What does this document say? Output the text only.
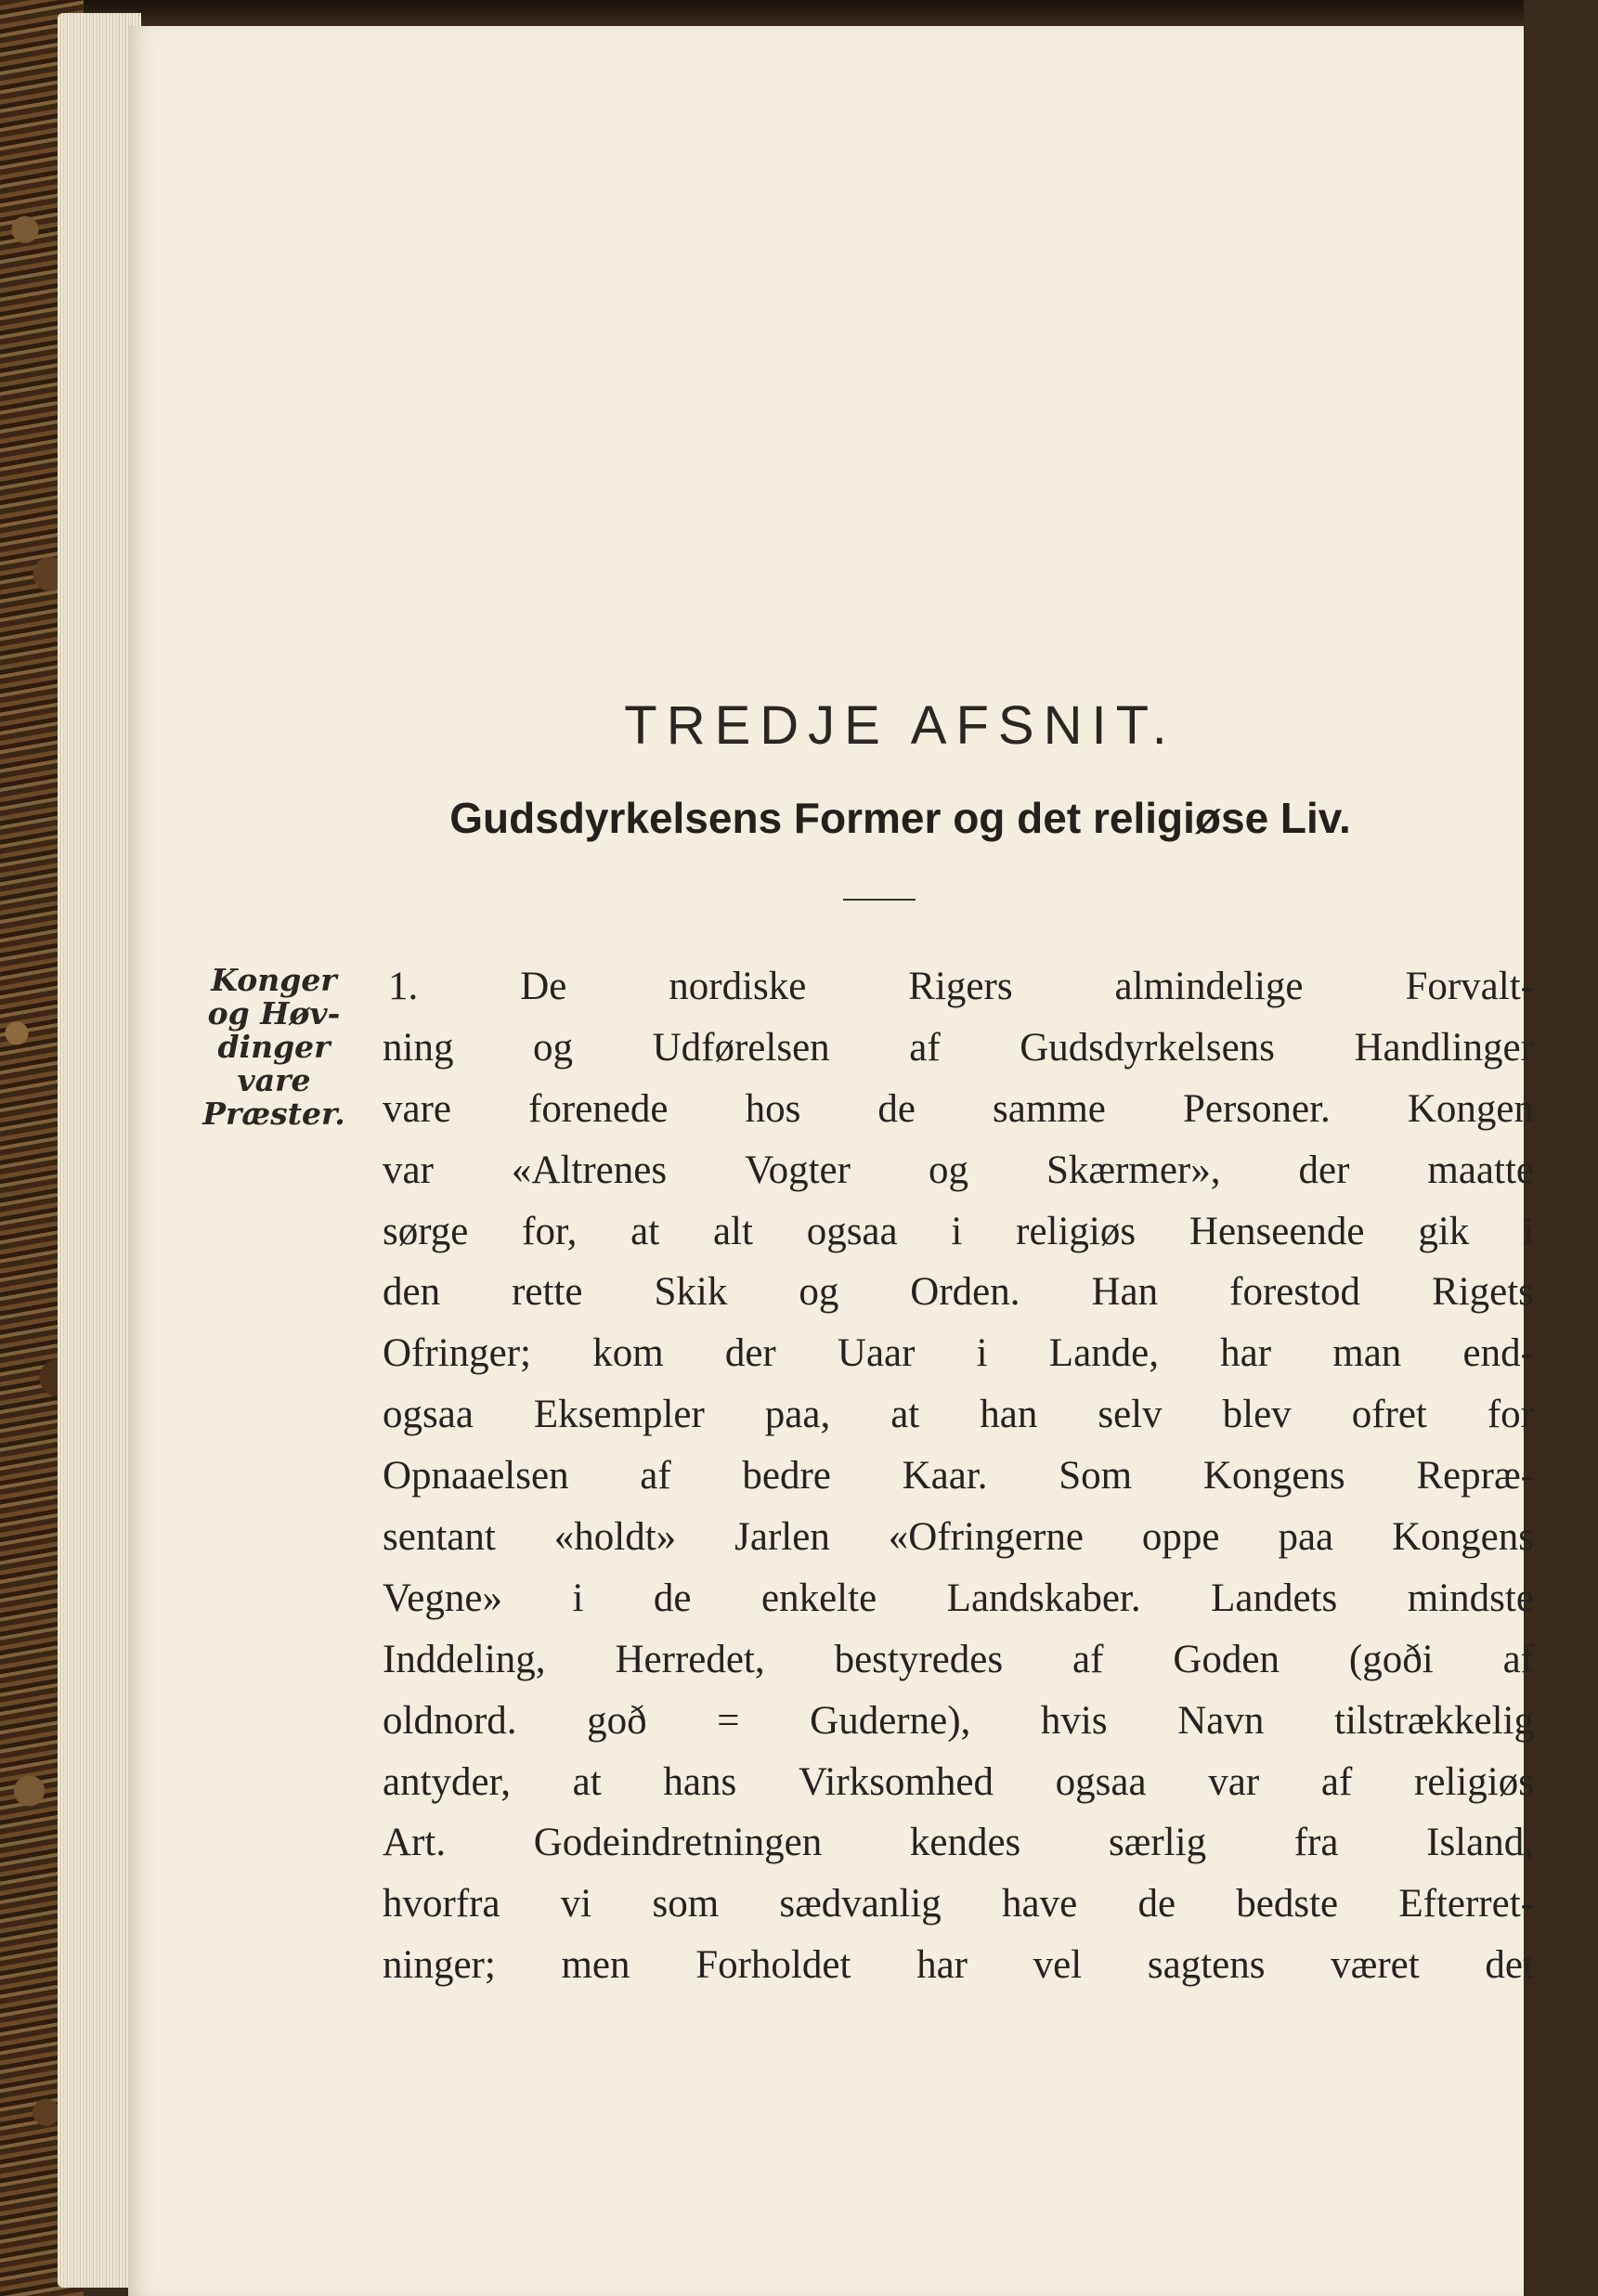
TREDJE AFSNIT.
Gudsdyrkelsens Former og det religiøse Liv.
Konger
og Høv-
dinger
vare
Præster.
1.	De	nordiske	Rigers	almindelige	Forvalt-
ning og Udførelsen af Gudsdyrkelsens Handlinger
vare forenede hos de samme Personer. Kongen
var «Altrenes Vogter og Skærmer», der maatte
sørge for, at alt ogsaa i religiøs Henseende gik i
den rette Skik og Orden. Han forestod Rigets
Ofringer; kom der Uaar i Lande, har man end-
ogsaa Eksempler paa, at han selv blev ofret for
Opnaaelsen af bedre Kaar. Som Kongens Repræ-
sentant «holdt» Jarlen «Ofringerne oppe paa Kongens
Vegne» i de enkelte Landskaber. Landets mindste
Inddeling, Herredet, bestyredes af Goden (goði af
oldnord. goð = Guderne), hvis Navn tilstrækkelig
antyder, at hans Virksomhed ogsaa var af religiøs
Art. Godeindretningen kendes særlig fra Island,
hvorfra vi som sædvanlig have de bedste Efterret-
ninger; men Forholdet har vel sagtens været det
